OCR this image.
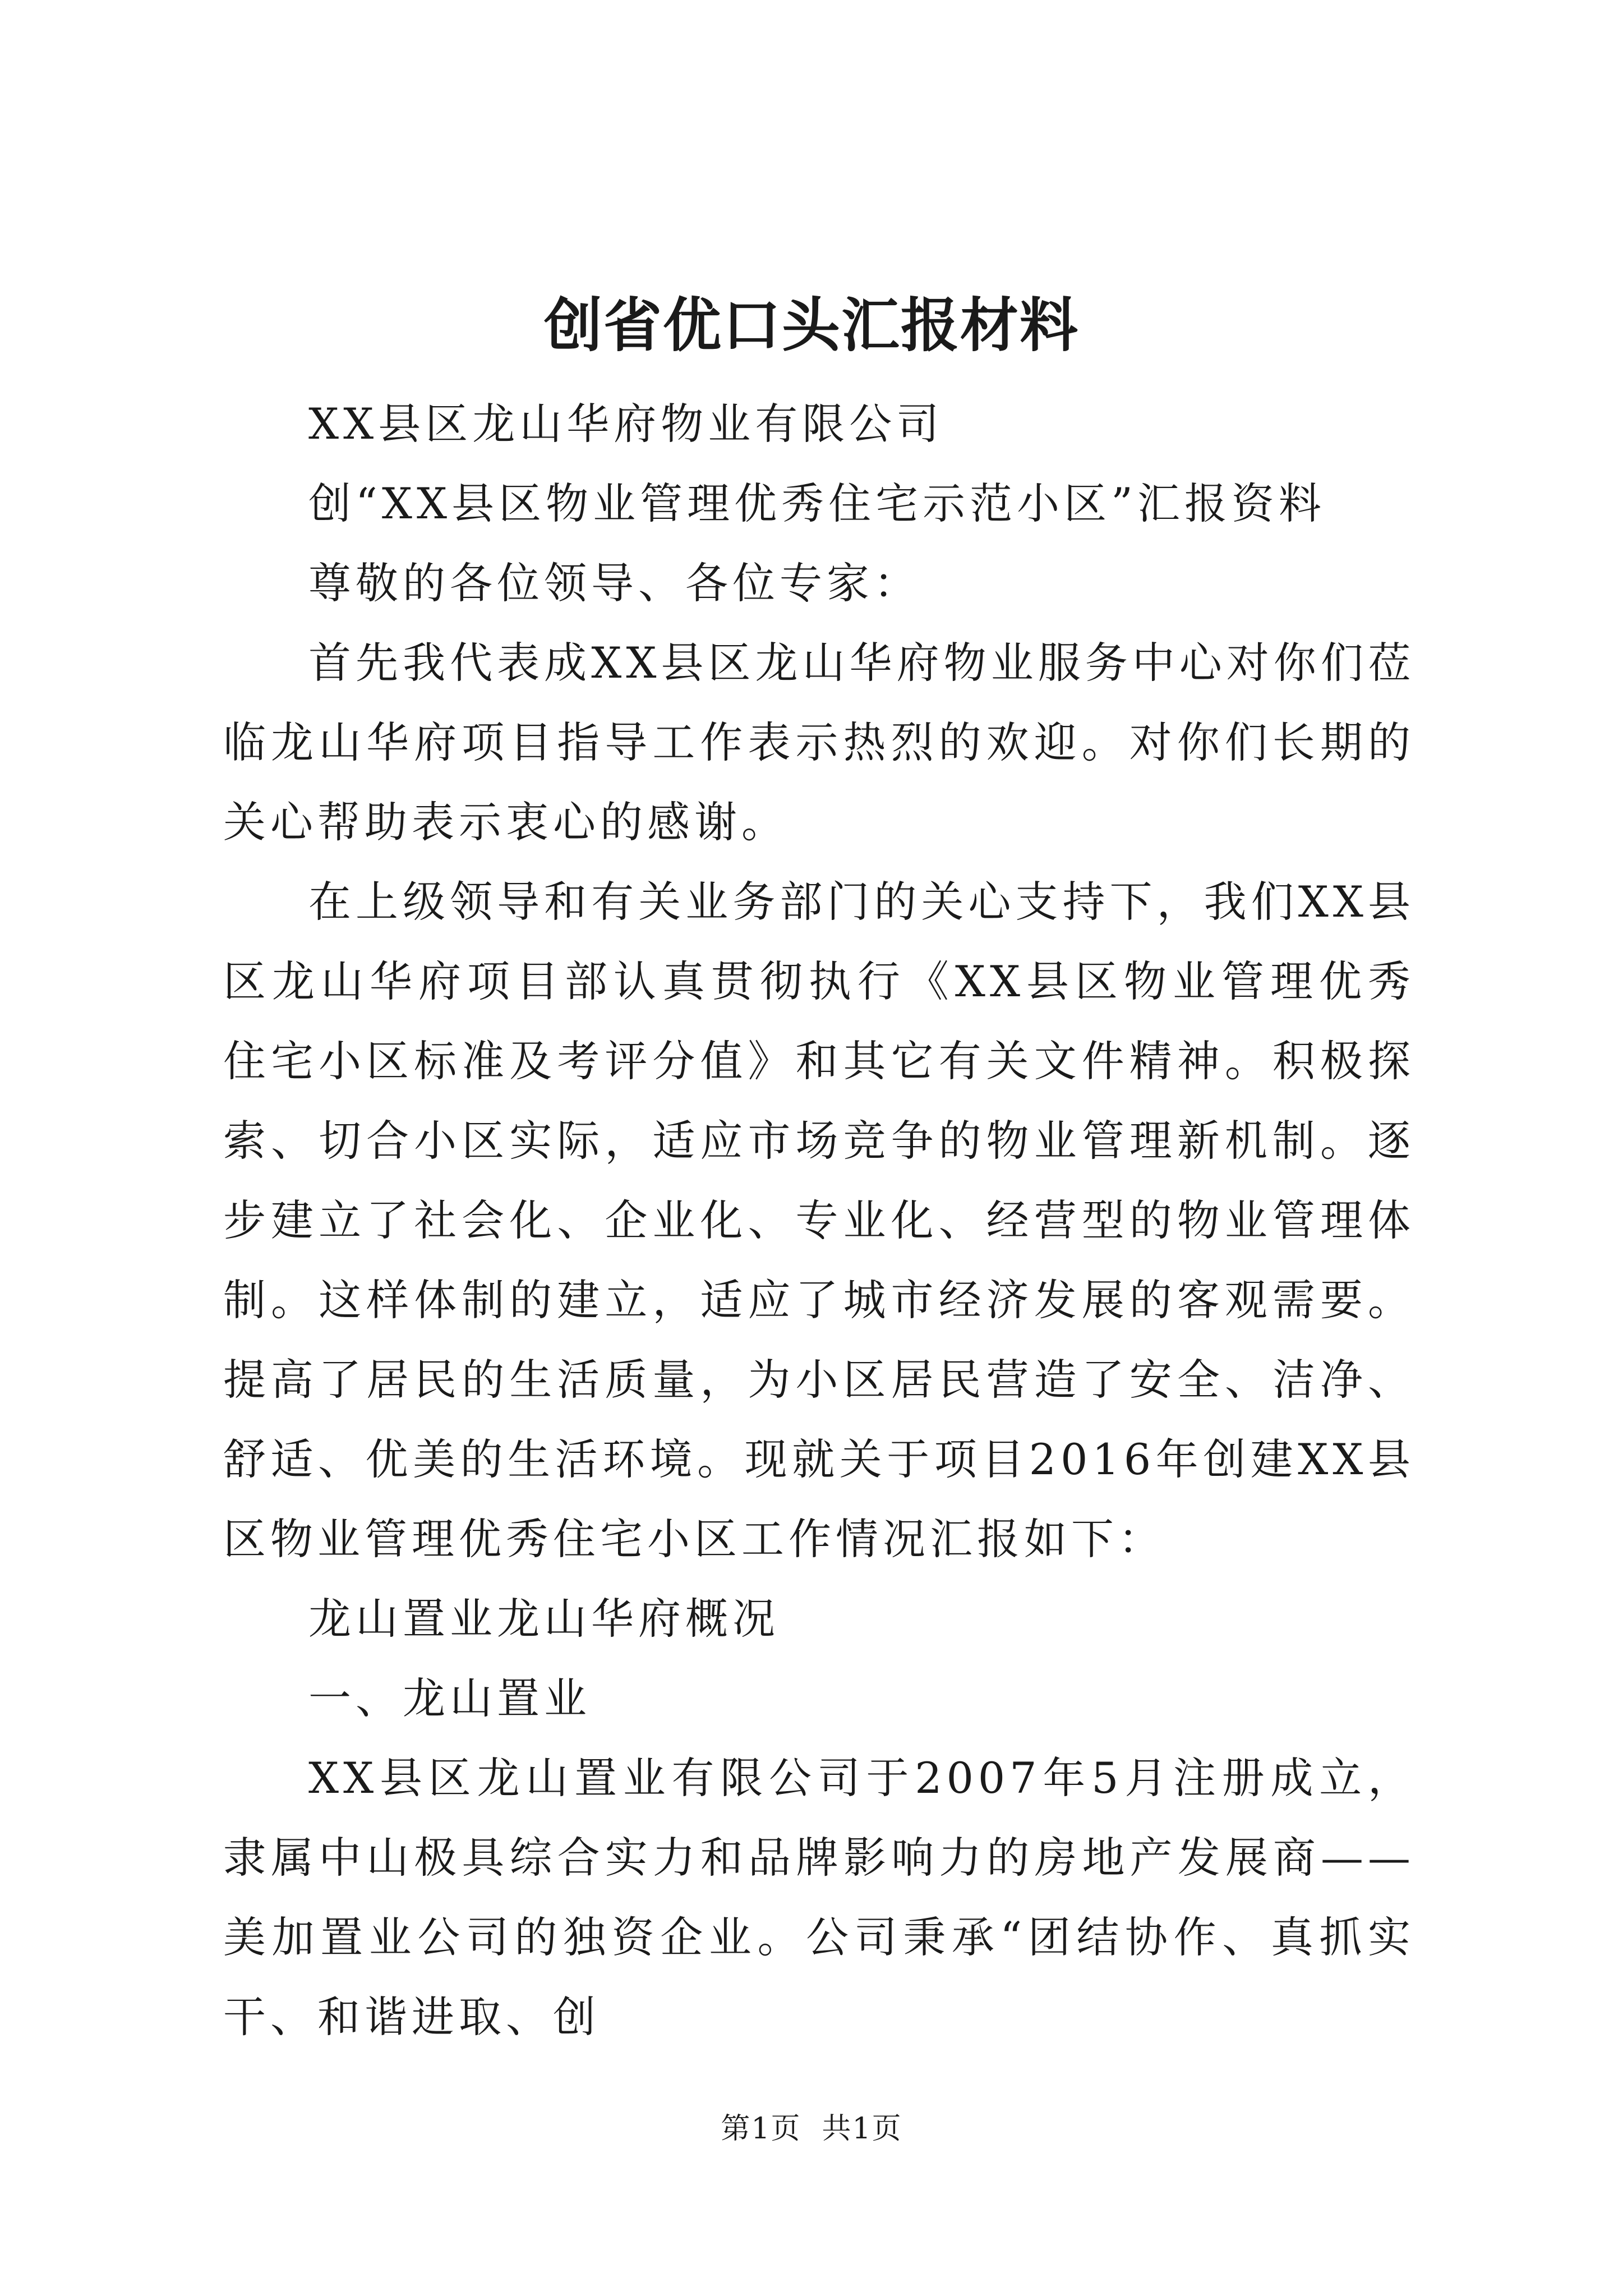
创省优口头汇报材料

XX县区龙山华府物业有限公司

创“XX县区物业管理优秀住宅示范小区”汇报资料

尊敬的各位领导、各位专家：

首先我代表成XX县区龙山华府物业服务中心对你们莅临龙山华府项目指导工作表示热烈的欢迎。对你们长期的关心帮助表示衷心的感谢。

在上级领导和有关业务部门的关心支持下，我们XX县区龙山华府项目部认真贯彻执行《XX县区物业管理优秀住宅小区标准及考评分值》和其它有关文件精神。积极探索、切合小区实际，适应市场竞争的物业管理新机制。逐步建立了社会化、企业化、专业化、经营型的物业管理体制。这样体制的建立，适应了城市经济发展的客观需要。提高了居民的生活质量，为小区居民营造了安全、洁净、舒适、优美的生活环境。现就关于项目2016年创建XX县区物业管理优秀住宅小区工作情况汇报如下：

龙山置业龙山华府概况

一、龙山置业

XX县区龙山置业有限公司于2007年5月注册成立，隶属中山极具综合实力和品牌影响力的房地产发展商——美加置业公司的独资企业。公司秉承“团结协作、真抓实干、和谐进取、创

第1页  共1页
